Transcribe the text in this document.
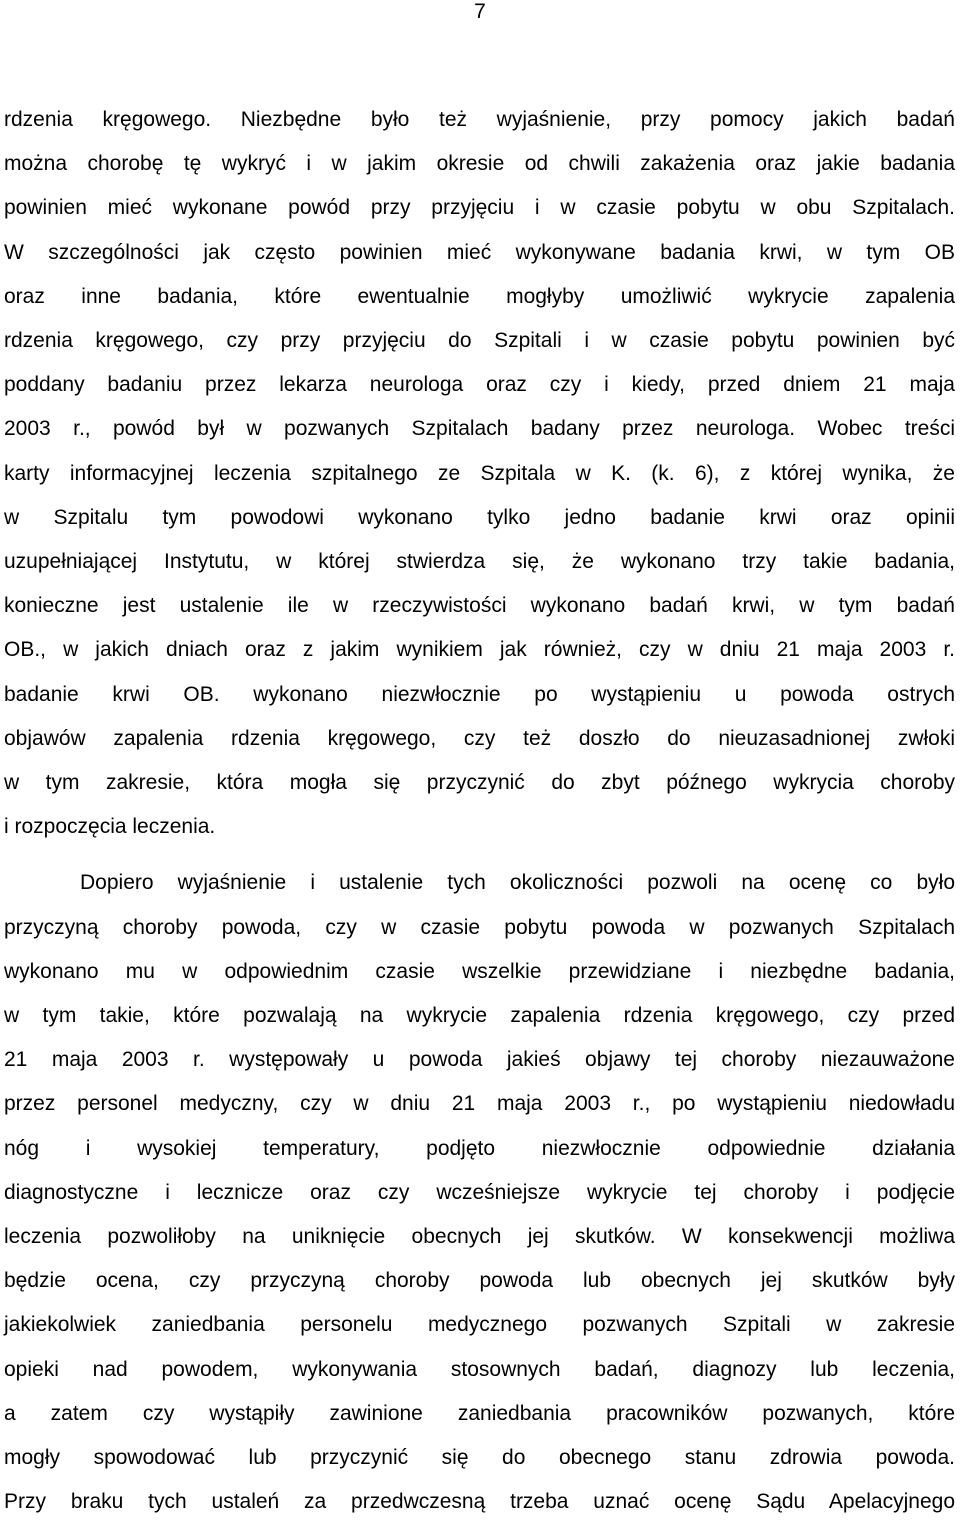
7
rdzenia kręgowego. Niezbędne było też wyjaśnienie, przy pomocy jakich badań
można chorobę tę wykryć i w jakim okresie od chwili zakażenia oraz jakie badania
powinien mieć wykonane powód przy przyjęciu i w czasie pobytu w obu Szpitalach.
W szczególności jak często powinien mieć wykonywane badania krwi, w tym OB
oraz inne badania, które ewentualnie mogłyby umożliwić wykrycie zapalenia
rdzenia kręgowego, czy przy przyjęciu do Szpitali i w czasie pobytu powinien być
poddany badaniu przez lekarza neurologa oraz czy i kiedy, przed dniem 21 maja
2003 r., powód był w pozwanych Szpitalach badany przez neurologa. Wobec treści
karty informacyjnej leczenia szpitalnego ze Szpitala w K. (k. 6), z której wynika, że
w Szpitalu tym powodowi wykonano tylko jedno badanie krwi oraz opinii
uzupełniającej Instytutu, w której stwierdza się, że wykonano trzy takie badania,
konieczne jest ustalenie ile w rzeczywistości wykonano badań krwi, w tym badań
OB., w jakich dniach oraz z jakim wynikiem jak również, czy w dniu 21 maja 2003 r.
badanie krwi OB. wykonano niezwłocznie po wystąpieniu u powoda ostrych
objawów zapalenia rdzenia kręgowego, czy też doszło do nieuzasadnionej zwłoki
w tym zakresie, która mogła się przyczynić do zbyt późnego wykrycia choroby
i rozpoczęcia leczenia.
Dopiero wyjaśnienie i ustalenie tych okoliczności pozwoli na ocenę co było
przyczyną choroby powoda, czy w czasie pobytu powoda w pozwanych Szpitalach
wykonano mu w odpowiednim czasie wszelkie przewidziane i niezbędne badania,
w tym takie, które pozwalają na wykrycie zapalenia rdzenia kręgowego, czy przed
21 maja 2003 r. występowały u powoda jakieś objawy tej choroby niezauważone
przez personel medyczny, czy w dniu 21 maja 2003 r., po wystąpieniu niedowładu
nóg i wysokiej temperatury, podjęto niezwłocznie odpowiednie działania
diagnostyczne i lecznicze oraz czy wcześniejsze wykrycie tej choroby i podjęcie
leczenia pozwoliłoby na uniknięcie obecnych jej skutków. W konsekwencji możliwa
będzie ocena, czy przyczyną choroby powoda lub obecnych jej skutków były
jakiekolwiek zaniedbania personelu medycznego pozwanych Szpitali w zakresie
opieki nad powodem, wykonywania stosownych badań, diagnozy lub leczenia,
a zatem czy wystąpiły zawinione zaniedbania pracowników pozwanych, które
mogły spowodować lub przyczynić się do obecnego stanu zdrowia powoda.
Przy braku tych ustaleń za przedwczesną trzeba uznać ocenę Sądu Apelacyjnego
